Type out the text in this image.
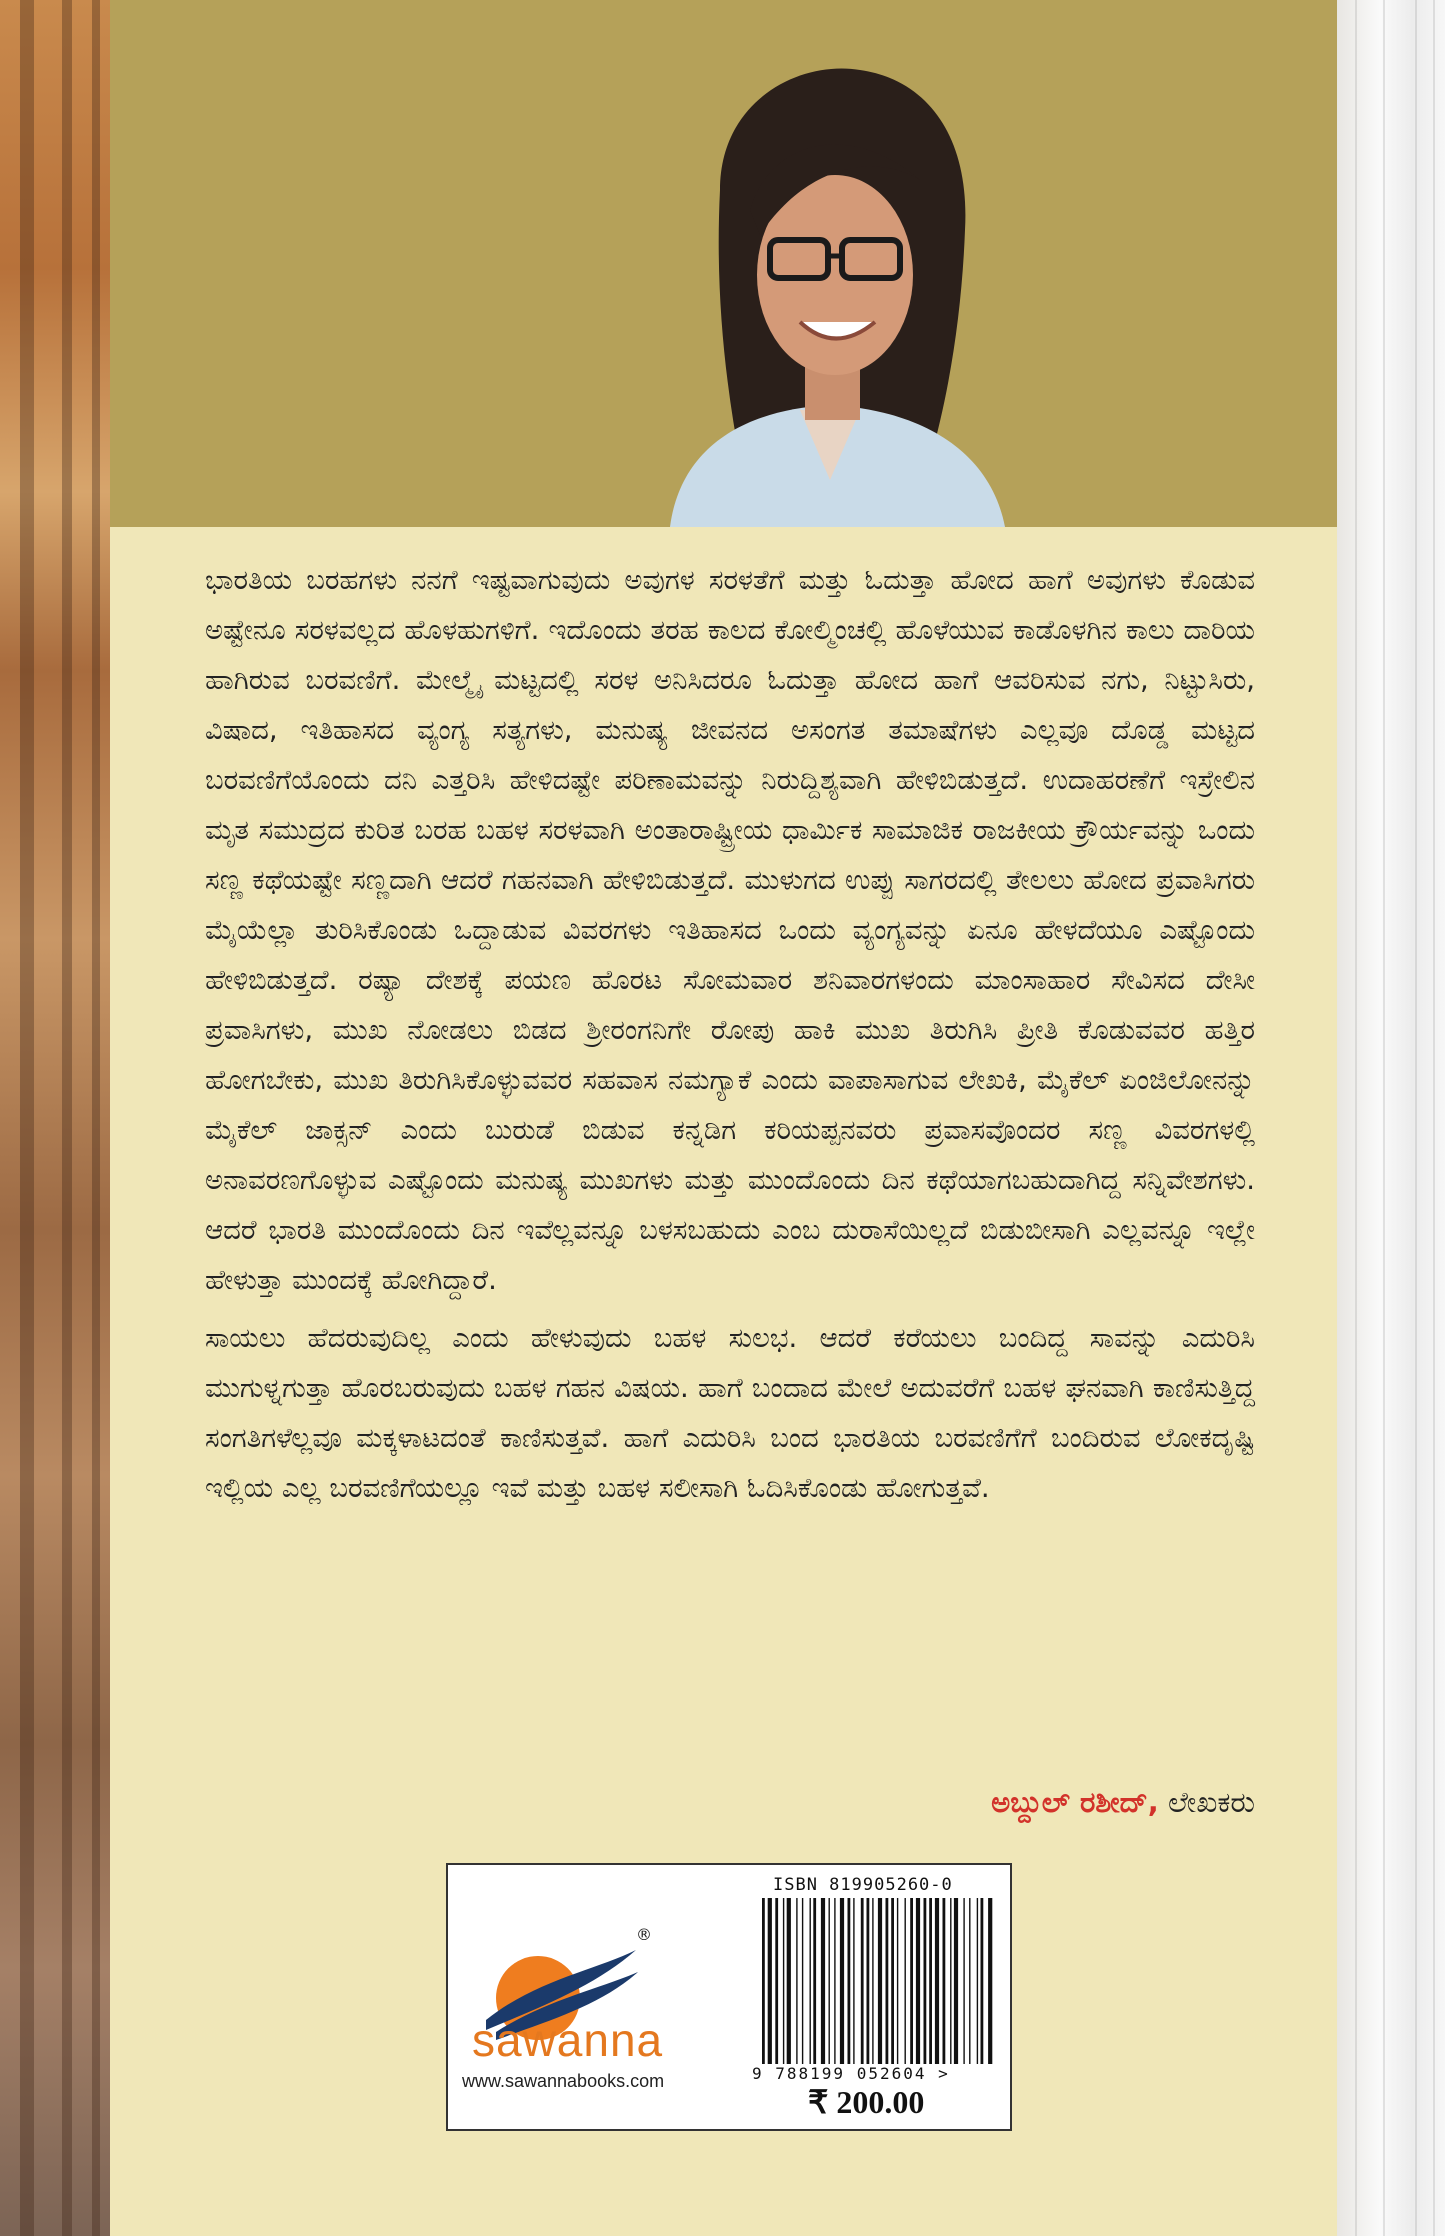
ಭಾರತಿಯ ಬರಹಗಳು ನನಗೆ ಇಷ್ಟವಾಗುವುದು ಅವುಗಳ ಸರಳತೆಗೆ ಮತ್ತು ಓದುತ್ತಾ ಹೋದ ಹಾಗೆ ಅವುಗಳು ಕೊಡುವ ಅಷ್ಟೇನೂ ಸರಳವಲ್ಲದ ಹೊಳಹುಗಳಿಗೆ. ಇದೊಂದು ತರಹ ಕಾಲದ ಕೋಲ್ಮಿಂಚಲ್ಲಿ ಹೊಳೆಯುವ ಕಾಡೊಳಗಿನ ಕಾಲು ದಾರಿಯ ಹಾಗಿರುವ ಬರವಣಿಗೆ. ಮೇಲ್ಮೈ ಮಟ್ಟದಲ್ಲಿ ಸರಳ ಅನಿಸಿದರೂ ಓದುತ್ತಾ ಹೋದ ಹಾಗೆ ಆವರಿಸುವ ನಗು, ನಿಟ್ಟುಸಿರು, ವಿಷಾದ, ಇತಿಹಾಸದ ವ್ಯಂಗ್ಯ ಸತ್ಯಗಳು, ಮನುಷ್ಯ ಜೀವನದ ಅಸಂಗತ ತಮಾಷೆಗಳು ಎಲ್ಲವೂ ದೊಡ್ಡ ಮಟ್ಟದ ಬರವಣಿಗೆಯೊಂದು ದನಿ ಎತ್ತರಿಸಿ ಹೇಳಿದಷ್ಟೇ ಪರಿಣಾಮವನ್ನು ನಿರುದ್ದಿಶ್ಯವಾಗಿ ಹೇಳಿಬಿಡುತ್ತದೆ. ಉದಾಹರಣೆಗೆ ಇಸ್ರೇಲಿನ ಮೃತ ಸಮುದ್ರದ ಕುರಿತ ಬರಹ ಬಹಳ ಸರಳವಾಗಿ ಅಂತಾರಾಷ್ಟ್ರೀಯ ಧಾರ್ಮಿಕ ಸಾಮಾಜಿಕ ರಾಜಕೀಯ ಕ್ರೌರ್ಯವನ್ನು ಒಂದು ಸಣ್ಣ ಕಥೆಯಷ್ಟೇ ಸಣ್ಣದಾಗಿ ಆದರೆ ಗಹನವಾಗಿ ಹೇಳಿಬಿಡುತ್ತದೆ. ಮುಳುಗದ ಉಪ್ಪು ಸಾಗರದಲ್ಲಿ ತೇಲಲು ಹೋದ ಪ್ರವಾಸಿಗರು ಮೈಯೆಲ್ಲಾ ತುರಿಸಿಕೊಂಡು ಒದ್ದಾಡುವ ವಿವರಗಳು ಇತಿಹಾಸದ ಒಂದು ವ್ಯಂಗ್ಯವನ್ನು ಏನೂ ಹೇಳದೆಯೂ ಎಷ್ಟೊಂದು ಹೇಳಿಬಿಡುತ್ತದೆ. ರಷ್ಯಾ ದೇಶಕ್ಕೆ ಪಯಣ ಹೊರಟ ಸೋಮವಾರ ಶನಿವಾರಗಳಂದು ಮಾಂಸಾಹಾರ ಸೇವಿಸದ ದೇಸೀ ಪ್ರವಾಸಿಗಳು, ಮುಖ ನೋಡಲು ಬಿಡದ ಶ್ರೀರಂಗನಿಗೇ ರೋಪು ಹಾಕಿ ಮುಖ ತಿರುಗಿಸಿ ಪ್ರೀತಿ ಕೊಡುವವರ ಹತ್ತಿರ ಹೋಗಬೇಕು, ಮುಖ ತಿರುಗಿಸಿಕೊಳ್ಳುವವರ ಸಹವಾಸ ನಮಗ್ಯಾಕೆ ಎಂದು ವಾಪಾಸಾಗುವ ಲೇಖಕಿ, ಮೈಕೆಲ್ ಏಂಜಿಲೋನನ್ನು ಮೈಕೆಲ್ ಜಾಕ್ಸನ್ ಎಂದು ಬುರುಡೆ ಬಿಡುವ ಕನ್ನಡಿಗ ಕರಿಯಪ್ಪನವರು ಪ್ರವಾಸವೊಂದರ ಸಣ್ಣ ವಿವರಗಳಲ್ಲಿ ಅನಾವರಣಗೊಳ್ಳುವ ಎಷ್ಟೊಂದು ಮನುಷ್ಯ ಮುಖಗಳು ಮತ್ತು ಮುಂದೊಂದು ದಿನ ಕಥೆಯಾಗಬಹುದಾಗಿದ್ದ ಸನ್ನಿವೇಶಗಳು. ಆದರೆ ಭಾರತಿ ಮುಂದೊಂದು ದಿನ ಇವೆಲ್ಲವನ್ನೂ ಬಳಸಬಹುದು ಎಂಬ ದುರಾಸೆಯಿಲ್ಲದೆ ಬಿಡುಬೀಸಾಗಿ ಎಲ್ಲವನ್ನೂ ಇಲ್ಲೇ ಹೇಳುತ್ತಾ ಮುಂದಕ್ಕೆ ಹೋಗಿದ್ದಾರೆ.

ಸಾಯಲು ಹೆದರುವುದಿಲ್ಲ ಎಂದು ಹೇಳುವುದು ಬಹಳ ಸುಲಭ. ಆದರೆ ಕರೆಯಲು ಬಂದಿದ್ದ ಸಾವನ್ನು ಎದುರಿಸಿ ಮುಗುಳ್ನಗುತ್ತಾ ಹೊರಬರುವುದು ಬಹಳ ಗಹನ ವಿಷಯ. ಹಾಗೆ ಬಂದಾದ ಮೇಲೆ ಅದುವರೆಗೆ ಬಹಳ ಘನವಾಗಿ ಕಾಣಿಸುತ್ತಿದ್ದ ಸಂಗತಿಗಳೆಲ್ಲವೂ ಮಕ್ಕಳಾಟದಂತೆ ಕಾಣಿಸುತ್ತವೆ. ಹಾಗೆ ಎದುರಿಸಿ ಬಂದ ಭಾರತಿಯ ಬರವಣಿಗೆಗೆ ಬಂದಿರುವ ಲೋಕದೃಷ್ಟಿ ಇಲ್ಲಿಯ ಎಲ್ಲ ಬರವಣಿಗೆಯಲ್ಲೂ ಇವೆ ಮತ್ತು ಬಹಳ ಸಲೀಸಾಗಿ ಓದಿಸಿಕೊಂಡು ಹೋಗುತ್ತವೆ.

ಅಬ್ದುಲ್ ರಶೀದ್, ಲೇಖಕರು
®
sawanna
www.sawannabooks.com
ISBN 819905260-0
9 788199 052604 >
₹ 200.00
